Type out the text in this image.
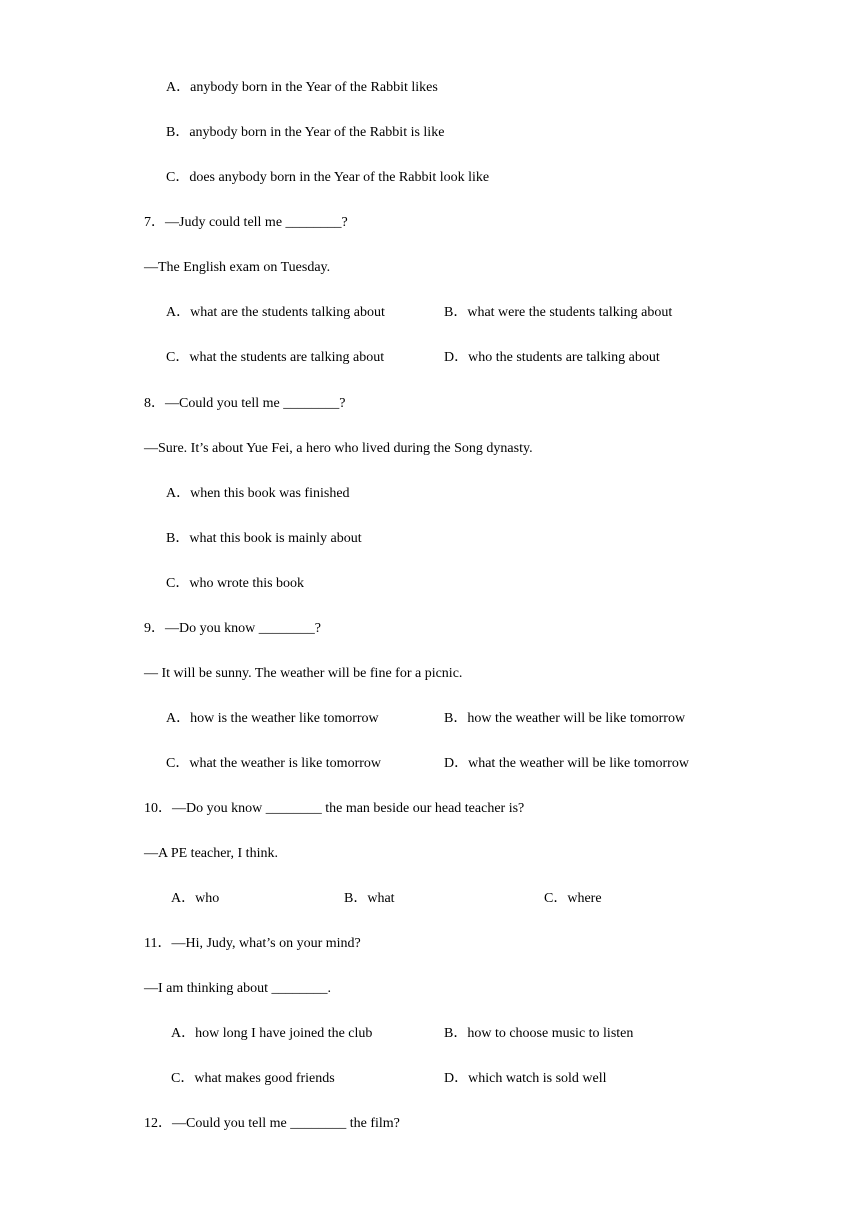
A．anybody born in the Year of the Rabbit likes
B．anybody born in the Year of the Rabbit is like
C．does anybody born in the Year of the Rabbit look like
7．—Judy could tell me ________?
—The English exam on Tuesday.
A．what are the students talking about	B．what were the students talking about
C．what the students are talking about	D．who the students are talking about
8．—Could you tell me ________?
—Sure. It’s about Yue Fei, a hero who lived during the Song dynasty.
A．when this book was finished
B．what this book is mainly about
C．who wrote this book
9．—Do you know ________?
— It will be sunny. The weather will be fine for a picnic.
A．how is the weather like tomorrow	B．how the weather will be like tomorrow
C．what the weather is like tomorrow	D．what the weather will be like tomorrow
10．—Do you know ________ the man beside our head teacher is?
—A PE teacher, I think.
A．who	B．what	C．where
11．—Hi, Judy, what’s on your mind?
—I am thinking about ________.
A．how long I have joined the club	B．how to choose music to listen
C．what makes good friends	D．which watch is sold well
12．—Could you tell me ________ the film?
